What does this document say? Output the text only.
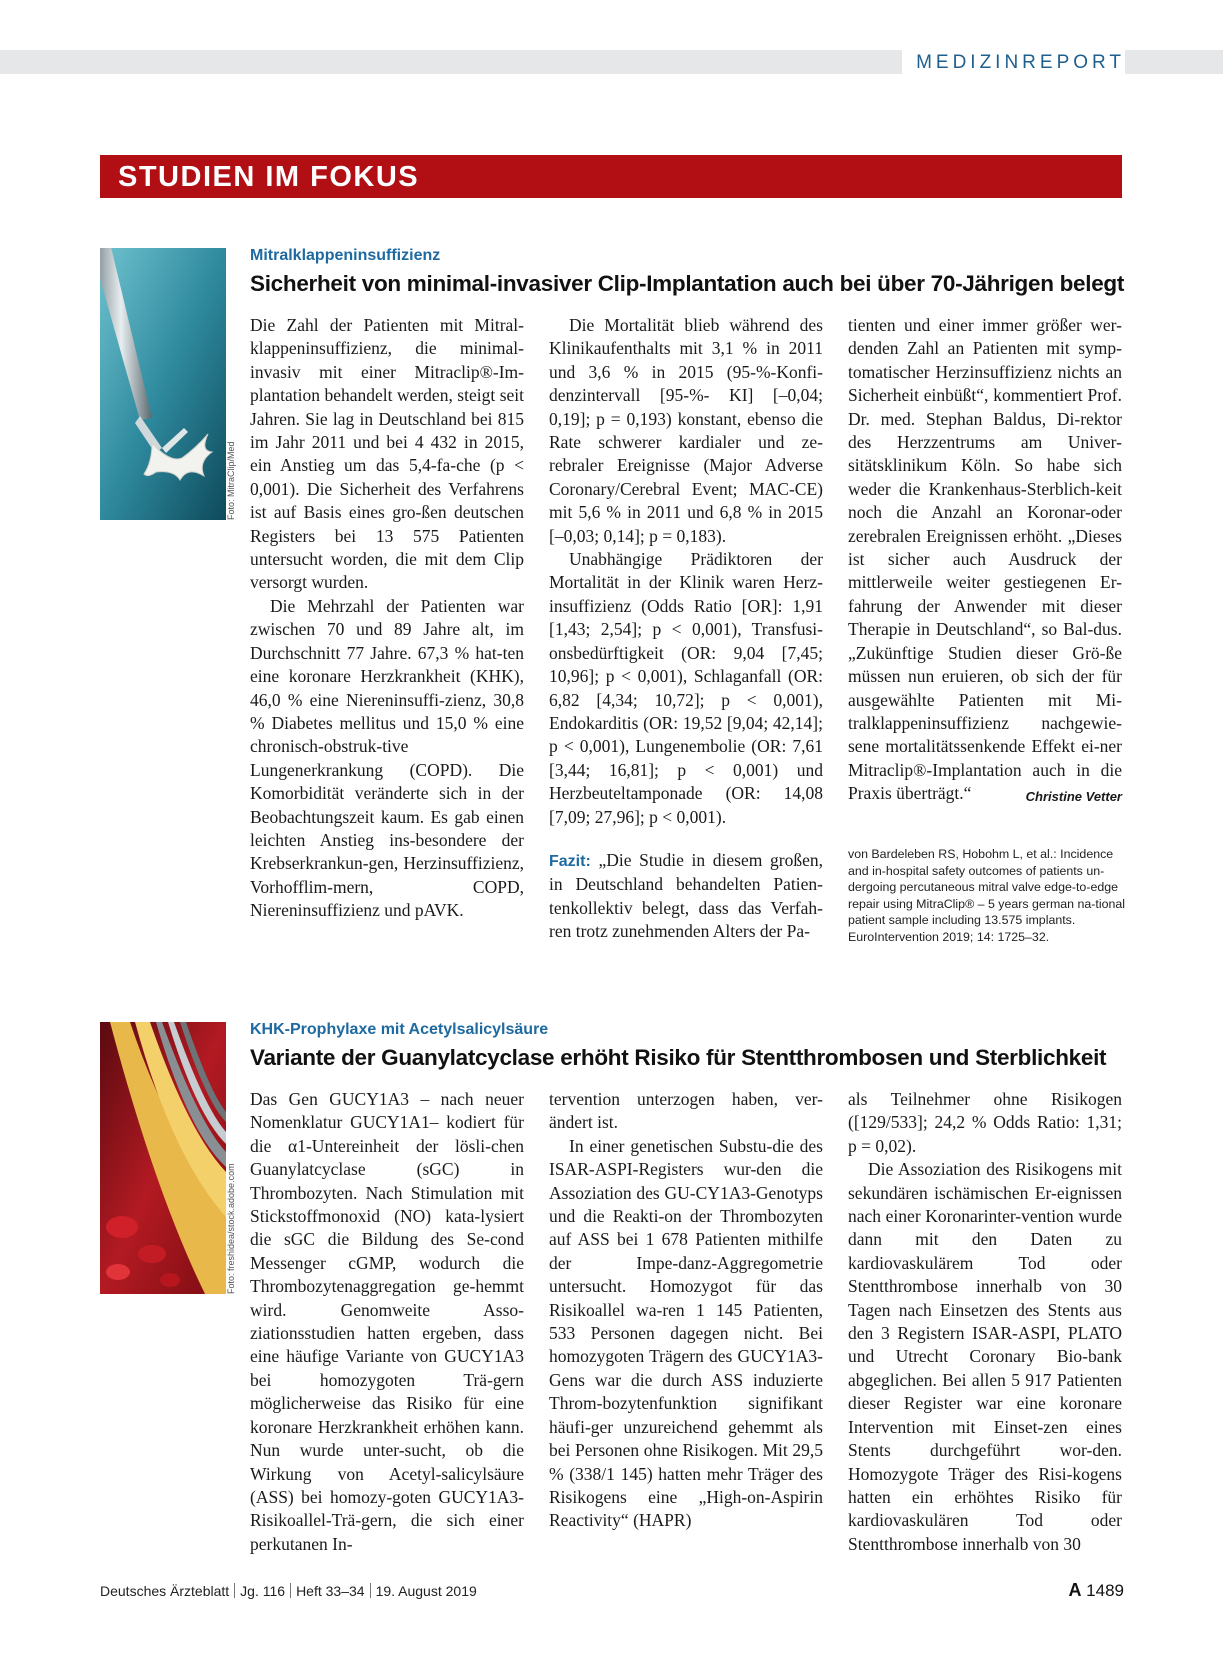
MEDIZINREPORT
STUDIEN IM FOKUS
Foto: MitraClip/Med
Mitralklappeninsuffizienz
Sicherheit von minimal-invasiver Clip-Implantation auch bei über 70-Jährigen belegt

Die Zahl der Patienten mit Mitral-klappeninsuffizienz, die minimal-invasiv mit einer Mitraclip®-Im-plantation behandelt werden, steigt seit Jahren. Sie lag in Deutschland bei 815 im Jahr 2011 und bei 4 432 in 2015, ein Anstieg um das 5,4-fa-che (p < 0,001). Die Sicherheit des Verfahrens ist auf Basis eines gro-ßen deutschen Registers bei 13 575 Patienten untersucht worden, die mit dem Clip versorgt wurden.

Die Mehrzahl der Patienten war zwischen 70 und 89 Jahre alt, im Durchschnitt 77 Jahre. 67,3 % hat-ten eine koronare Herzkrankheit (KHK), 46,0 % eine Niereninsuffi-zienz, 30,8 % Diabetes mellitus und 15,0 % eine chronisch-obstruk-tive Lungenerkrankung (COPD). Die Komorbidität veränderte sich in der Beobachtungszeit kaum. Es gab einen leichten Anstieg ins-besondere der Krebserkrankun-gen, Herzinsuffizienz, Vorhofflim-mern, COPD, Niereninsuffizienz und pAVK.

Die Mortalität blieb während des Klinikaufenthalts mit 3,1 % in 2011 und 3,6 % in 2015 (95-%-Konfi-denzintervall [95-%- KI] [–0,04; 0,19]; p = 0,193) konstant, ebenso die Rate schwerer kardialer und ze-rebraler Ereignisse (Major Adverse Coronary/Cerebral Event; MAC-CE) mit 5,6 % in 2011 und 6,8 % in 2015 [–0,03; 0,14]; p = 0,183).

Unabhängige Prädiktoren der Mortalität in der Klinik waren Herz-insuffizienz (Odds Ratio [OR]: 1,91 [1,43; 2,54]; p < 0,001), Transfusi-onsbedürftigkeit (OR: 9,04 [7,45; 10,96]; p < 0,001), Schlaganfall (OR: 6,82 [4,34; 10,72]; p < 0,001), Endokarditis (OR: 19,52 [9,04; 42,14]; p < 0,001), Lungenembolie (OR: 7,61 [3,44; 16,81]; p < 0,001) und Herzbeuteltamponade (OR: 14,08 [7,09; 27,96]; p < 0,001).

Fazit: „Die Studie in diesem großen, in Deutschland behandelten Patien-tenkollektiv belegt, dass das Verfah-ren trotz zunehmenden Alters der Pa-

tienten und einer immer größer wer-denden Zahl an Patienten mit symp-tomatischer Herzinsuffizienz nichts an Sicherheit einbüßt“, kommentiert Prof. Dr. med. Stephan Baldus, Di-rektor des Herzzentrums am Univer-sitätsklinikum Köln. So habe sich weder die Krankenhaus-Sterblich-keit noch die Anzahl an Koronar-oder zerebralen Ereignissen erhöht. „Dieses ist sicher auch Ausdruck der mittlerweile weiter gestiegenen Er-fahrung der Anwender mit dieser Therapie in Deutschland“, so Bal-dus. „Zukünftige Studien dieser Grö-ße müssen nun eruieren, ob sich der für ausgewählte Patienten mit Mi-tralklappeninsuffizienz nachgewie-sene mortalitätssenkende Effekt ei-ner Mitraclip®-Implantation auch in die Praxis überträgt.“	Christine Vetter

von Bardeleben RS, Hobohm L, et al.: Incidence and in-hospital safety outcomes of patients un-dergoing percutaneous mitral valve edge-to-edge repair using MitraClip® – 5 years german na-tional patient sample including 13.575 implants. EuroIntervention 2019; 14: 1725–32.
Foto: freshidea/stock.adobe.com
KHK-Prophylaxe mit Acetylsalicylsäure
Variante der Guanylatcyclase erhöht Risiko für Stentthrombosen und Sterblichkeit

Das Gen GUCY1A3 – nach neuer Nomenklatur GUCY1A1– kodiert für die α1-Untereinheit der lösli-chen Guanylatcyclase (sGC) in Thrombozyten. Nach Stimulation mit Stickstoffmonoxid (NO) kata-lysiert die sGC die Bildung des Se-cond Messenger cGMP, wodurch die Thrombozytenaggregation ge-hemmt wird. Genomweite Asso-ziationsstudien hatten ergeben, dass eine häufige Variante von GUCY1A3 bei homozygoten Trä-gern möglicherweise das Risiko für eine koronare Herzkrankheit erhöhen kann. Nun wurde unter-sucht, ob die Wirkung von Acetyl-salicylsäure (ASS) bei homozy-goten GUCY1A3-Risikoallel-Trä-gern, die sich einer perkutanen In-

tervention unterzogen haben, ver-ändert ist.

In einer genetischen Substu-die des ISAR-ASPI-Registers wur-den die Assoziation des GU-CY1A3-Genotyps und die Reakti-on der Thrombozyten auf ASS bei 1 678 Patienten mithilfe der Impe-danz-Aggregometrie untersucht. Homozygot für das Risikoallel wa-ren 1 145 Patienten, 533 Personen dagegen nicht. Bei homozygoten Trägern des GUCY1A3-Gens war die durch ASS induzierte Throm-bozytenfunktion signifikant häufi-ger unzureichend gehemmt als bei Personen ohne Risikogen. Mit 29,5 % (338/1 145) hatten mehr Träger des Risikogens eine „High-on-Aspirin Reactivity“ (HAPR)

als Teilnehmer ohne Risikogen ([129/533]; 24,2 % Odds Ratio: 1,31; p = 0,02).

Die Assoziation des Risikogens mit sekundären ischämischen Er-eignissen nach einer Koronarinter-vention wurde dann mit den Daten zu kardiovaskulärem Tod oder Stentthrombose innerhalb von 30 Tagen nach Einsetzen des Stents aus den 3 Registern ISAR-ASPI, PLATO und Utrecht Coronary Bio-bank abgeglichen. Bei allen 5 917 Patienten dieser Register war eine koronare Intervention mit Einset-zen eines Stents durchgeführt wor-den. Homozygote Träger des Risi-kogens hatten ein erhöhtes Risiko für kardiovaskulären Tod oder Stentthrombose innerhalb von 30

Deutsches Ärzteblatt Jg. 116 Heft 33–34 19. August 2019	A 1489
